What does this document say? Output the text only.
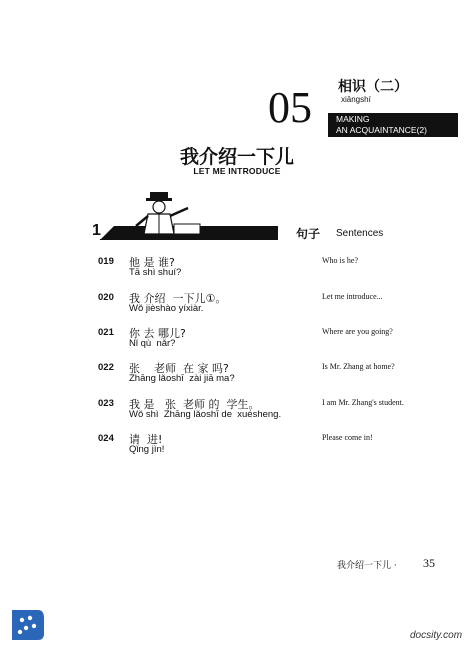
05 相识（二）
xiāngshí
MAKING
AN ACQUAINTANCE(2)
我介绍一下儿
LET ME INTRODUCE
1	句子 Sentences
019 他 是 谁?
Tā shì shuí?
Who is he?
020 我 介绍  一下儿①。
Wǒ jièshào yíxiàr.
Let me introduce...
021 你 去 哪儿?
Nǐ qù  nǎr?
Where are you going?
022 张    老师  在 家 吗?
Zhāng lǎoshī  zài jiā ma?
Is Mr. Zhang at home?
023 我 是   张  老师 的  学生。
Wǒ shì  Zhāng lǎoshī de  xuésheng.
I am Mr. Zhang's student.
024 请  进!
Qǐng jìn!
Please come in!
我介绍一下儿 · 35
docsity.com
